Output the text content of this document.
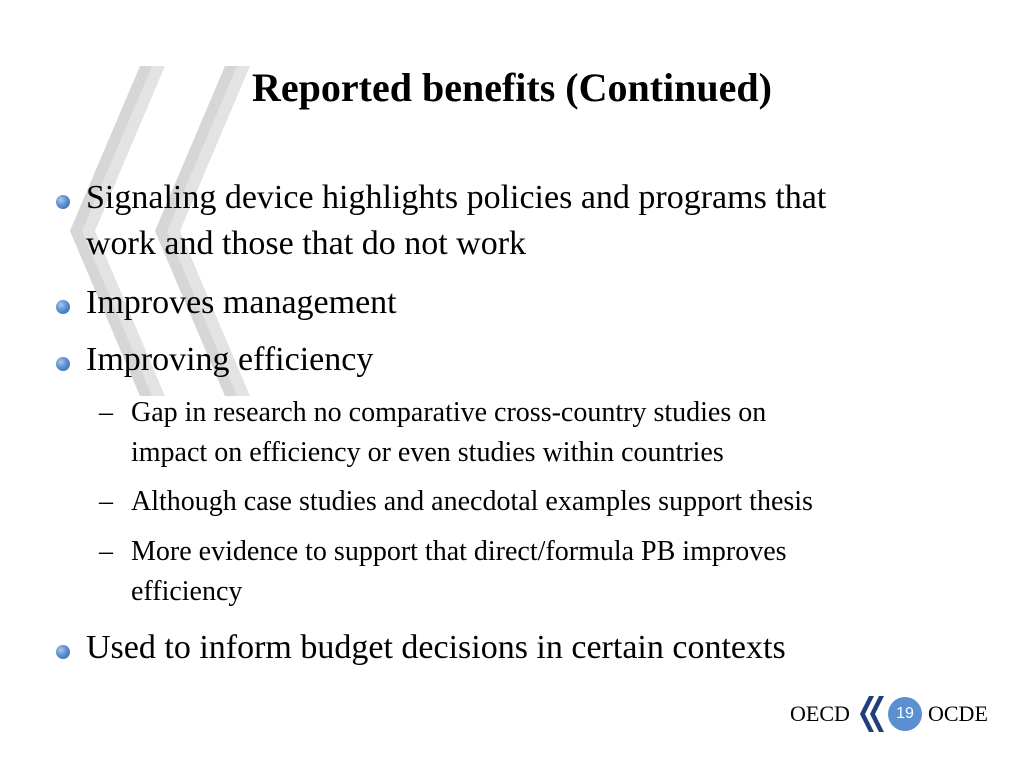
Reported benefits (Continued)
Signaling device highlights policies and programs that
work and those that do not work
Improves management
Improving efficiency
– Gap in research no comparative cross-country studies on
impact on efficiency or even studies within countries
– Although case studies and anecdotal examples support thesis
– More evidence to support that direct/formula PB improves
efficiency
Used to inform budget decisions in certain contexts
OECD	19 OCDE
